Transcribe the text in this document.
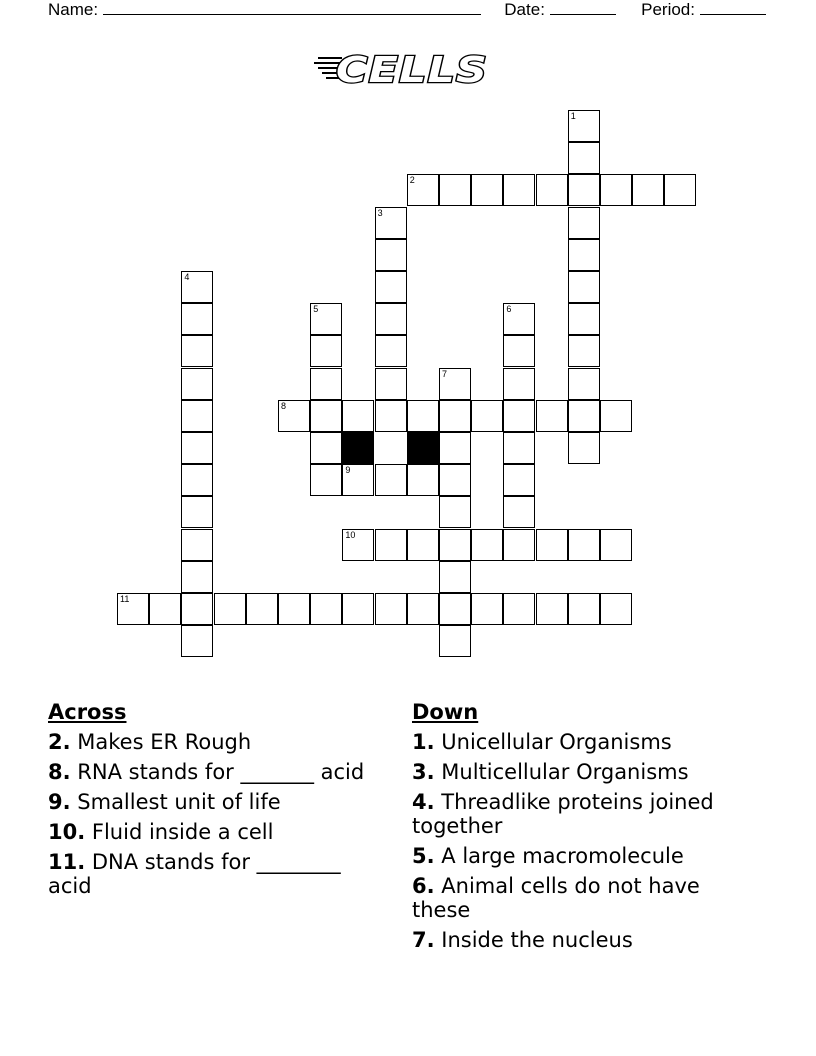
Name:	Date:	Period:
CELLS
1
2
3
4
5	6
7
8
9
10
11
Across
2. Makes ER Rough
8. RNA stands for _______ acid
9. Smallest unit of life
10. Fluid inside a cell
11. DNA stands for ________ acid
Down
1. Unicellular Organisms
3. Multicellular Organisms
4. Threadlike proteins joined together
5. A large macromolecule
6. Animal cells do not have these
7. Inside the nucleus
